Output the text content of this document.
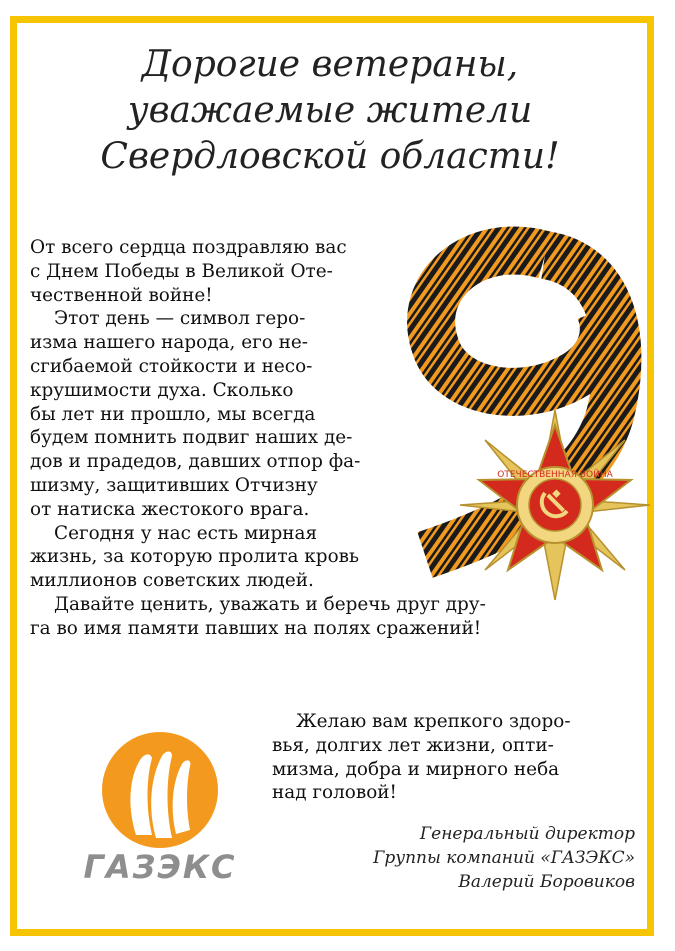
Дорогие ветераны,
уважаемые жители
Свердловской области!
ОТЕЧЕСТВЕННАЯ ВОЙНА
От всего сердца поздравляю вас
с Днем Победы в Великой Оте-
чественной войне!
Этот день — символ геро-
изма нашего народа, его не-
сгибаемой стойкости и несо-
крушимости духа. Сколько
бы лет ни прошло, мы всегда
будем помнить подвиг наших де-
дов и прадедов, давших отпор фа-
шизму, защитивших Отчизну
от натиска жестокого врага.
Сегодня у нас есть мирная
жизнь, за которую пролита кровь
миллионов советских людей.
Давайте ценить, уважать и беречь друг дру-
га во имя памяти павших на полях сражений!
Желаю вам крепкого здоро-
вья, долгих лет жизни, опти-
мизма, добра и мирного неба
над головой!
ГАЗЭКС
Генеральный директор
Группы компаний «ГАЗЭКС»
Валерий Боровиков
